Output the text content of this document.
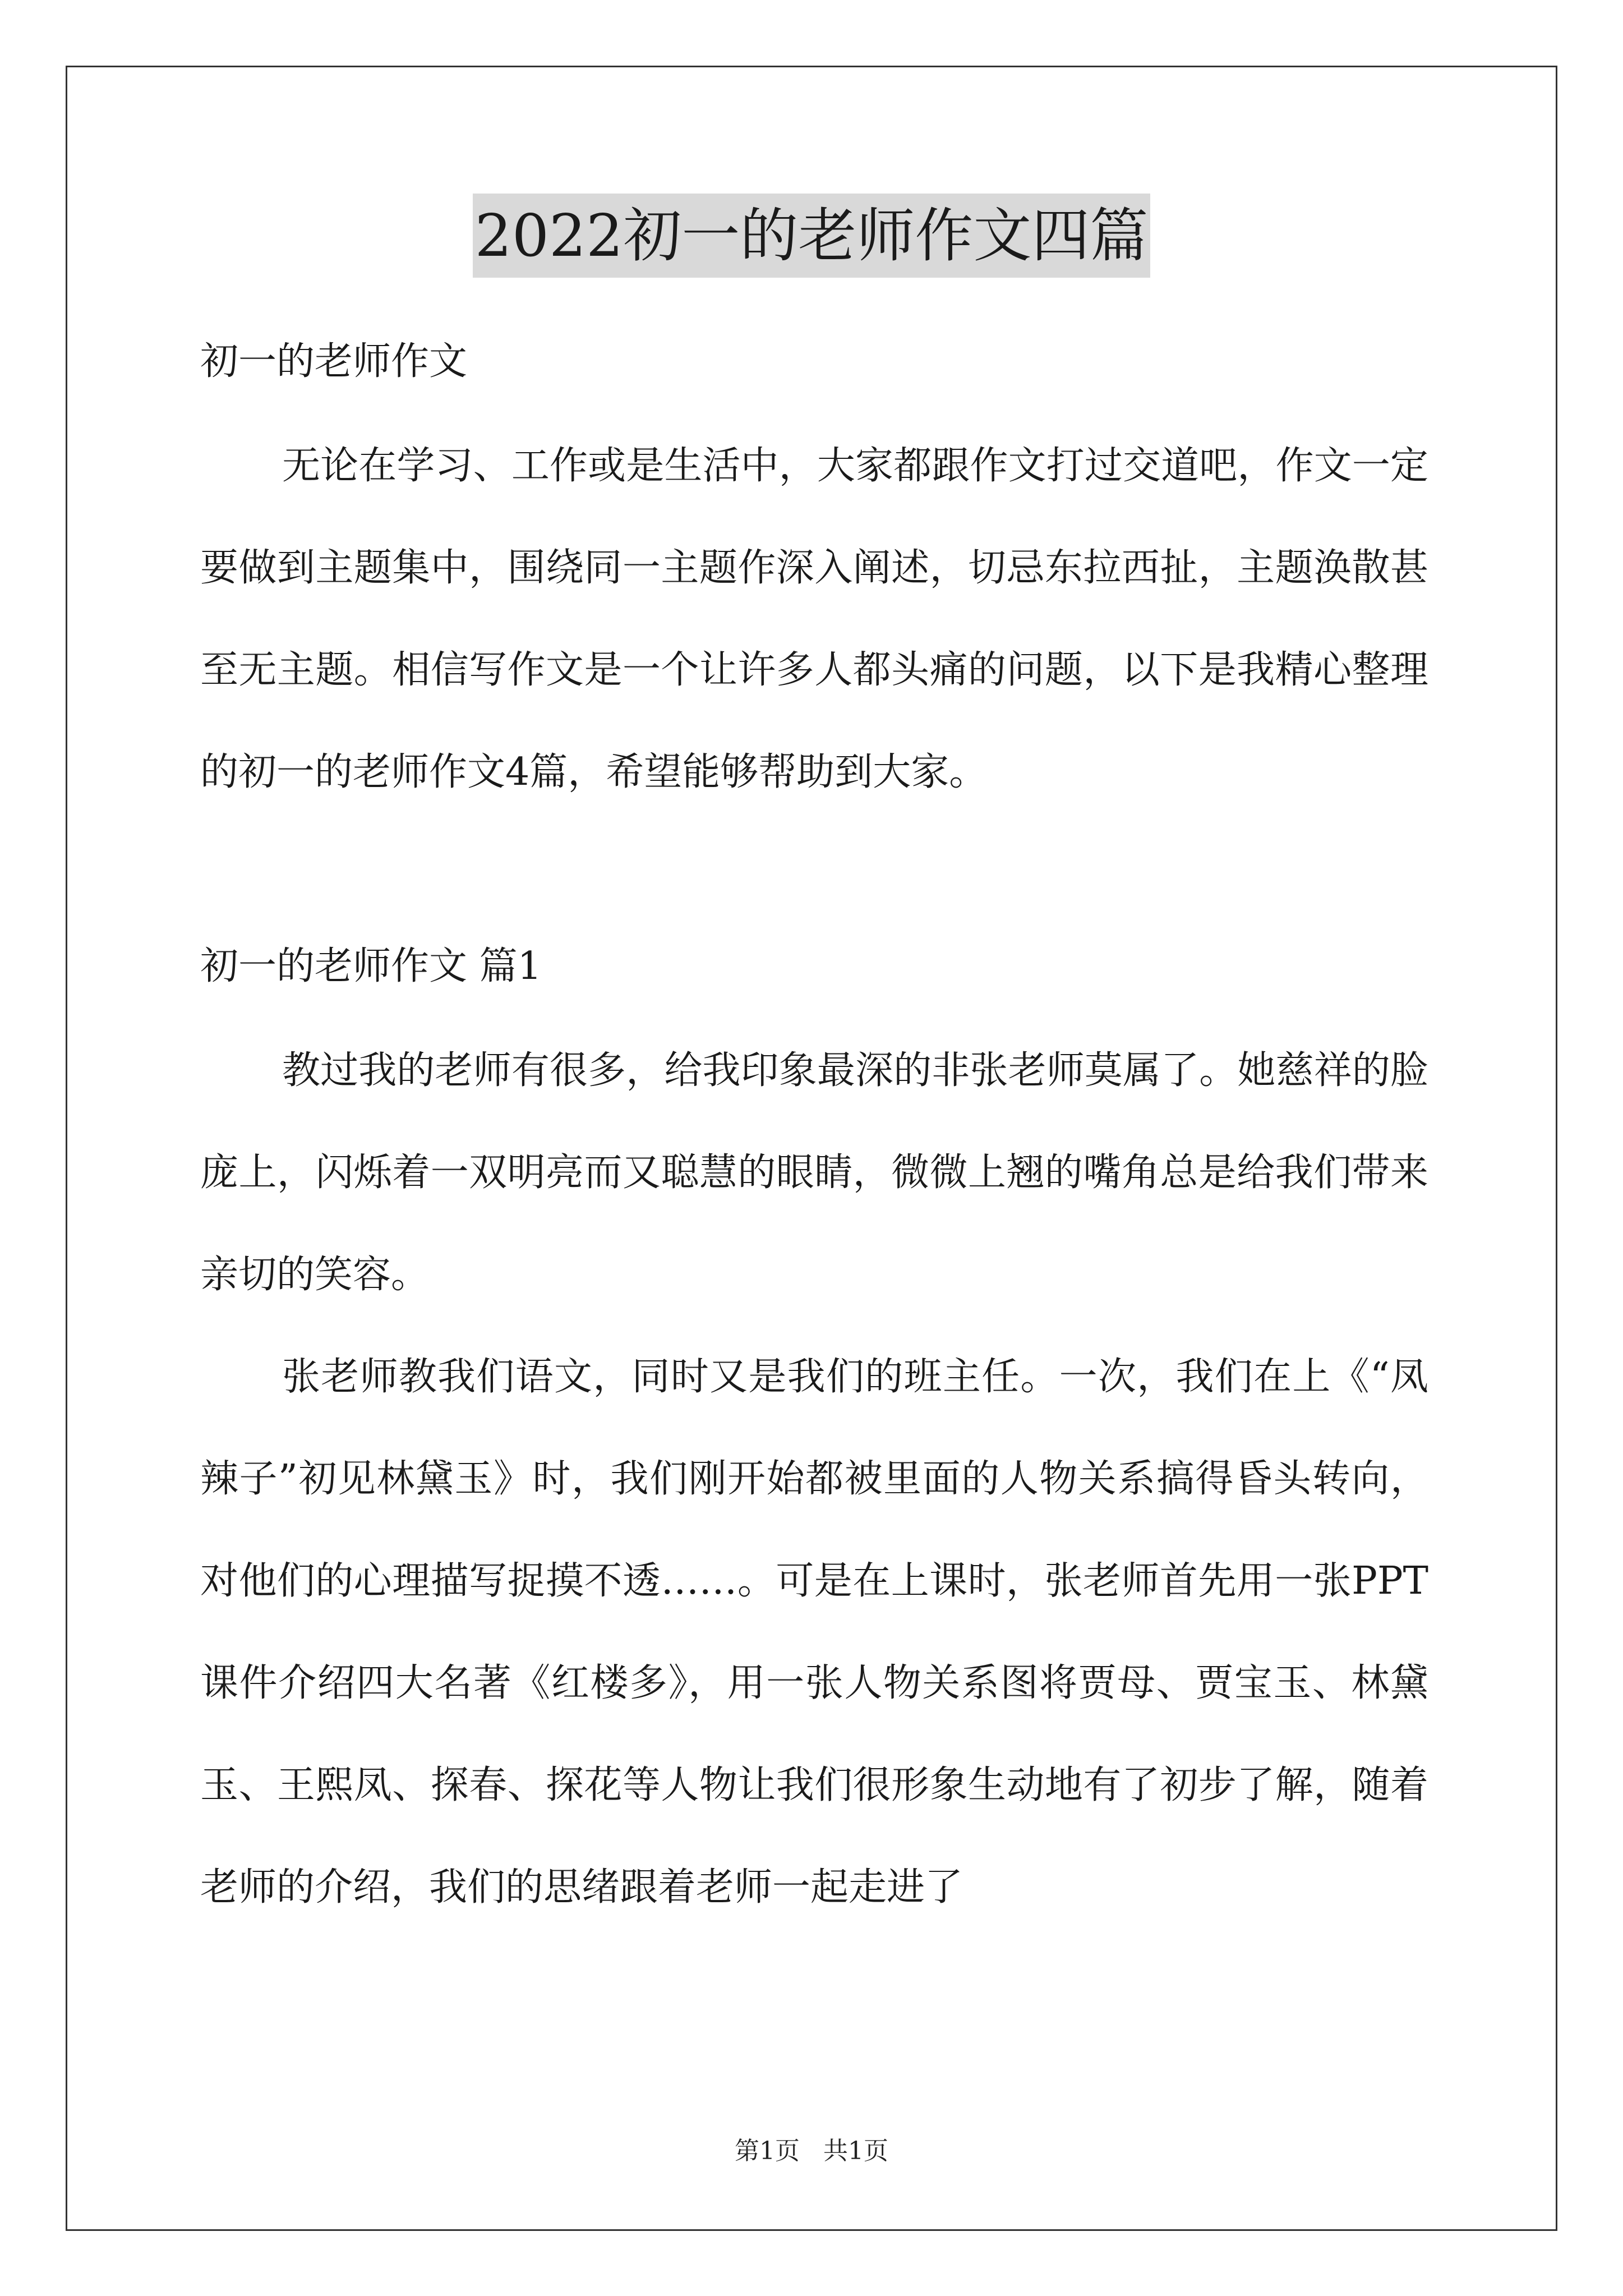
2022初一的老师作文四篇

初一的老师作文

无论在学习、工作或是生活中，大家都跟作文打过交道吧，作文一定要做到主题集中，围绕同一主题作深入阐述，切忌东拉西扯，主题涣散甚至无主题。相信写作文是一个让许多人都头痛的问题，以下是我精心整理的初一的老师作文4篇，希望能够帮助到大家。

初一的老师作文 篇1

教过我的老师有很多，给我印象最深的非张老师莫属了。她慈祥的脸庞上，闪烁着一双明亮而又聪慧的眼睛，微微上翘的嘴角总是给我们带来亲切的笑容。

张老师教我们语文，同时又是我们的班主任。一次，我们在上《“凤辣子”初见林黛玉》时，我们刚开始都被里面的人物关系搞得昏头转向，对他们的心理描写捉摸不透……。可是在上课时，张老师首先用一张PPT课件介绍四大名著《红楼多》，用一张人物关系图将贾母、贾宝玉、林黛玉、王熙凤、探春、探花等人物让我们很形象生动地有了初步了解，随着老师的介绍，我们的思绪跟着老师一起走进了

第1页 共1页
